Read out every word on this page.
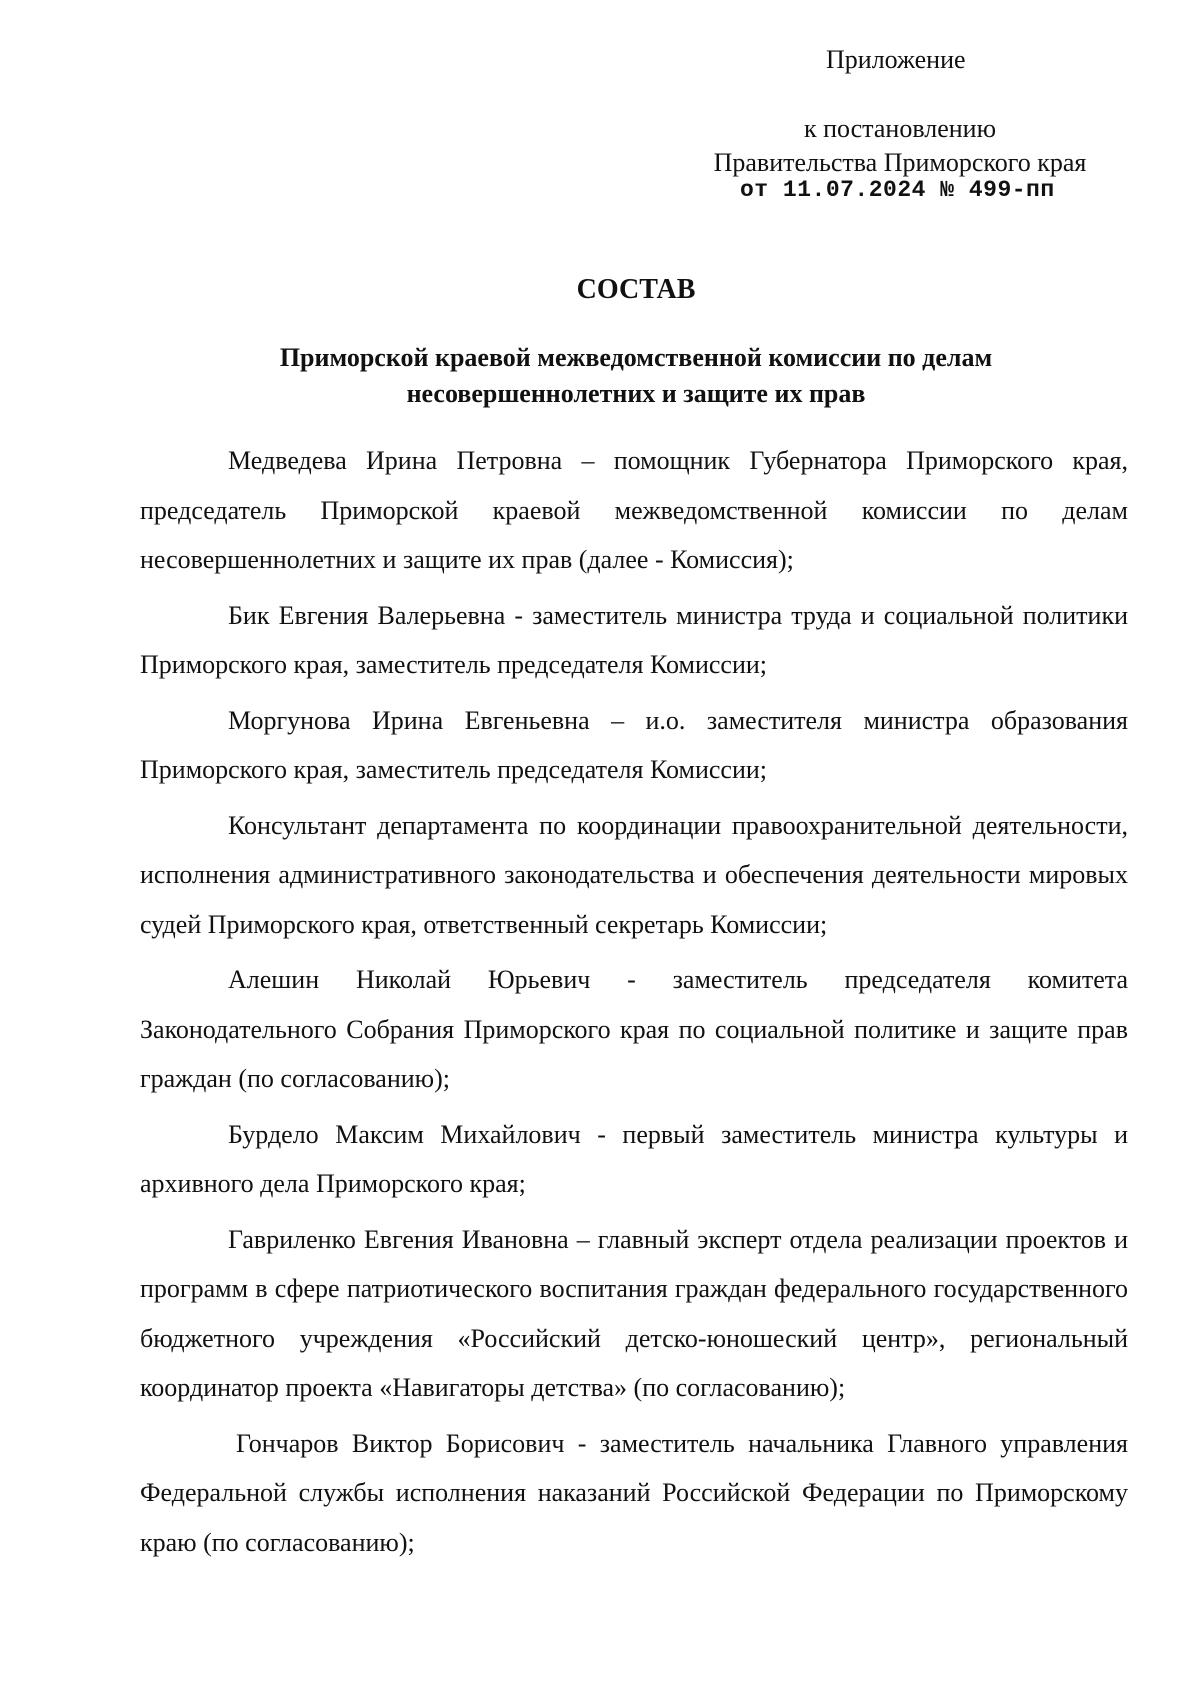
Приложение
к постановлению
Правительства Приморского края
от 11.07.2024 № 499-пп
СОСТАВ
Приморской краевой межведомственной комиссии по делам
несовершеннолетних и защите их прав

Медведева Ирина Петровна – помощник Губернатора Приморского края, председатель Приморской краевой межведомственной комиссии по делам несовершеннолетних и защите их прав (далее - Комиссия);

Бик Евгения Валерьевна - заместитель министра труда и социальной политики Приморского края, заместитель председателя Комиссии;

Моргунова Ирина Евгеньевна – и.о. заместителя министра образования Приморского края, заместитель председателя Комиссии;

Консультант департамента по координации правоохранительной деятельности, исполнения административного законодательства и обеспечения деятельности мировых судей Приморского края, ответственный секретарь Комиссии;

Алешин Николай Юрьевич - заместитель председателя комитета Законодательного Собрания Приморского края по социальной политике и защите прав граждан (по согласованию);

Бурдело Максим Михайлович - первый заместитель министра культуры и архивного дела Приморского края;

Гавриленко Евгения Ивановна – главный эксперт отдела реализации проектов и программ в сфере патриотического воспитания граждан федерального государственного бюджетного учреждения «Российский детско-юношеский центр», региональный координатор проекта «Навигаторы детства» (по согласованию);

Гончаров Виктор Борисович - заместитель начальника Главного управления Федеральной службы исполнения наказаний Российской Федерации по Приморскому краю (по согласованию);
